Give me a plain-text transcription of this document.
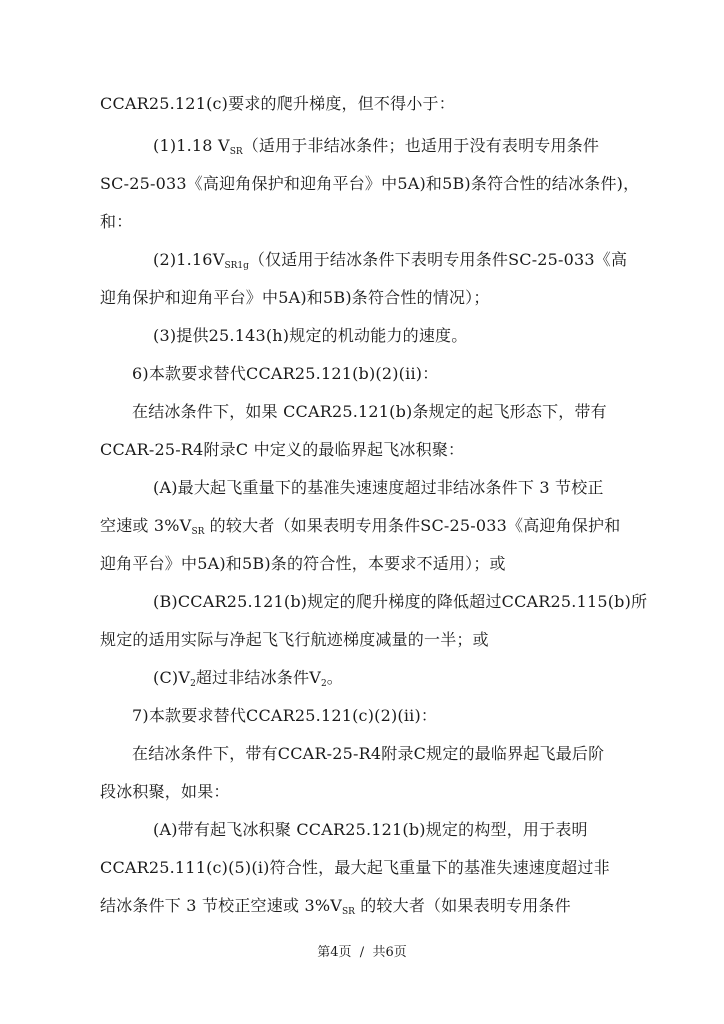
CCAR25.121(c)要求的爬升梯度，但不得小于：
(1)1.18 $V_{SR}$（适用于非结冰条件；也适用于没有表明专用条件
SC-25-033《高迎角保护和迎角平台》中5A)和5B)条符合性的结冰条件)，
和：
$(2)1.16V_{SR1g}$（仅适用于结冰条件下表明专用条件SC-25-033《高
迎角保护和迎角平台》中5A)和5B)条符合性的情况）；
(3)提供25.143(h)规定的机动能力的速度。
6)本款要求替代CCAR25.121(b)(2)(ii)：
在结冰条件下，如果 CCAR25.121(b)条规定的起飞形态下，带有
CCAR-25-R4附录C 中定义的最临界起飞冰积聚：
(A)最大起飞重量下的基准失速速度超过非结冰条件下 3 节校正
空速或 $3\%V_{SR}$ 的较大者（如果表明专用条件SC-25-033《高迎角保护和
迎角平台》中5A)和5B)条的符合性，本要求不适用）；或
(B)CCAR25.121(b)规定的爬升梯度的降低超过CCAR25.115(b)所
规定的适用实际与净起飞飞行航迹梯度减量的一半；或
$(C)V_2$超过非结冰条件$V_2$。
7)本款要求替代CCAR25.121(c)(2)(ii)：
在结冰条件下，带有CCAR-25-R4附录C规定的最临界起飞最后阶
段冰积聚，如果：
(A)带有起飞冰积聚 CCAR25.121(b)规定的构型，用于表明
CCAR25.111(c)(5)(i)符合性，最大起飞重量下的基准失速速度超过非
结冰条件下 3 节校正空速或 $3\%V_{SR}$ 的较大者（如果表明专用条件
第4页 / 共6页
